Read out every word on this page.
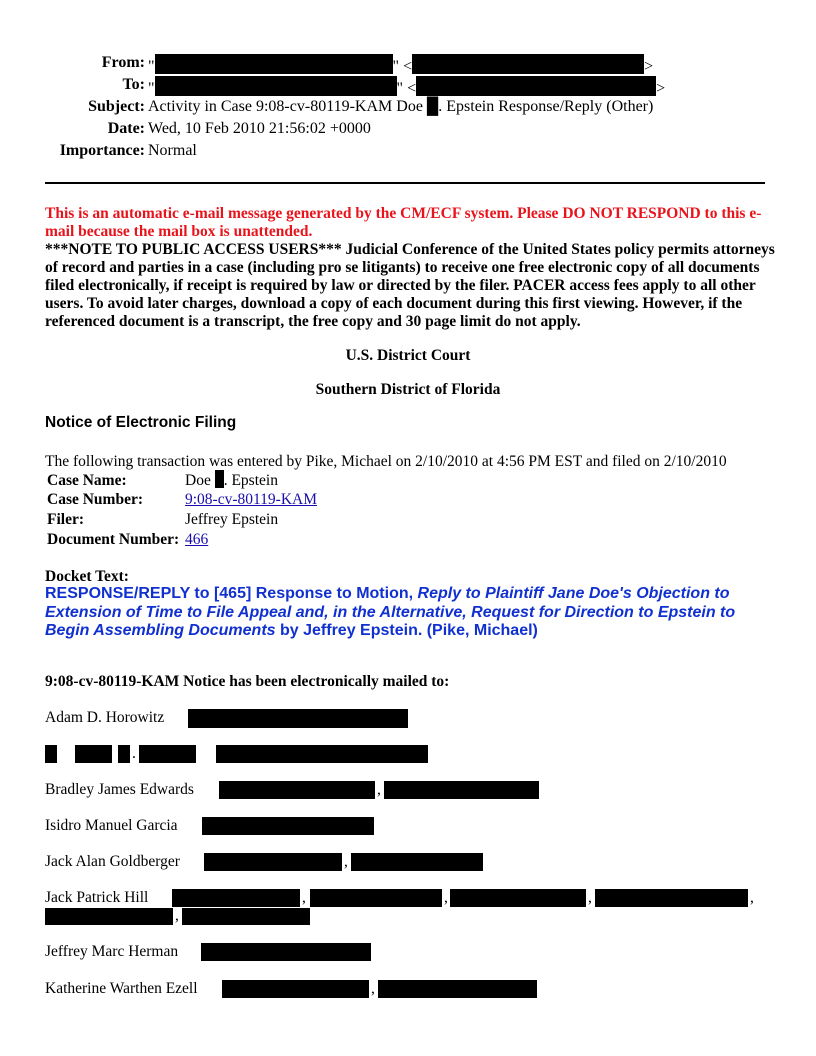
From: "	" <	>
To: "	" <	>
Subject: Activity in Case 9:08-cv-80119-KAM Doe █. Epstein Response/Reply (Other)
Date: Wed, 10 Feb 2010 21:56:02 +0000
Importance: Normal
This is an automatic e-mail message generated by the CM/ECF system. Please DO NOT RESPOND to this e-mail because the mail box is unattended.
***NOTE TO PUBLIC ACCESS USERS*** Judicial Conference of the United States policy permits attorneys of record and parties in a case (including pro se litigants) to receive one free electronic copy of all documents filed electronically, if receipt is required by law or directed by the filer. PACER access fees apply to all other users. To avoid later charges, download a copy of each document during this first viewing. However, if the referenced document is a transcript, the free copy and 30 page limit do not apply.
U.S. District Court
Southern District of Florida
Notice of Electronic Filing
The following transaction was entered by Pike, Michael on 2/10/2010 at 4:56 PM EST and filed on 2/10/2010
Case Name:	Doe . Epstein
Case Number:	9:08-cv-80119-KAM
Filer:	Jeffrey Epstein
Document Number: 466
Docket Text:
RESPONSE/REPLY to [465] Response to Motion, Reply to Plaintiff Jane Doe's Objection to Extension of Time to File Appeal and, in the Alternative, Request for Direction to Epstein to Begin Assembling Documents by Jeffrey Epstein. (Pike, Michael)
9:08-cv-80119-KAM Notice has been electronically mailed to:
Adam D. Horowitz
.
Bradley James Edwards	,
Isidro Manuel Garcia
Jack Alan Goldberger	,
Jack Patrick Hill	,	,	,	,
,
Jeffrey Marc Herman
Katherine Warthen Ezell	,
